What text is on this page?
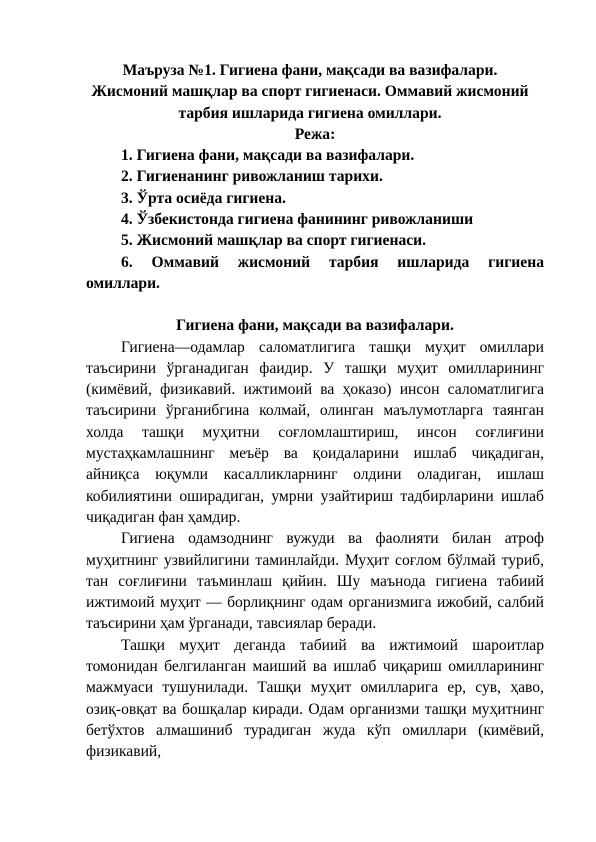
Маъруза №1. Гигиена фани, мақсади ва вазифалари. Жисмоний машқлар ва спорт гигиенаси. Оммавий жисмоний тарбия ишларида гигиена омиллари.

Режа:

1. Гигиена фани, мақсади ва вазифалари.
2. Гигиенанинг ривожланиш тарихи.
3. Ўрта осиёда гигиена.
4. Ўзбекистонда гигиена фанининг ривожланиши
5. Жисмоний машқлар ва спорт гигиенаси.
6. Оммавий жисмоний тарбия ишларида гигиена омиллари.

Гигиена фани, мақсади ва вазифалари.

Гигиена—одамлар саломатлигига ташқи муҳит омиллари таъсирини ўрганадиган фаидир. У ташқи муҳит омилларининг (кимёвий, физикавий. ижтимоий ва ҳоказо) инсон саломатлигига таъсирини ўрганибгина колмай, олинган маълумотларга таянган холда ташқи муҳитни соғломлаштириш, инсон соғлиғини мустаҳкамлашнинг меъёр ва қоидаларини ишлаб чиқадиган, айниқса юқумли касалликларнинг олдини оладиган, ишлаш кобилиятини оширадиган, умрни узайтириш тадбирларини ишлаб чиқадиган фан ҳамдир.

Гигиена одамзоднинг вужуди ва фаолияти билан атроф муҳитнинг узвийлигини таминлайди. Муҳит соғлом бўлмай туриб, тан соғлиғини таъминлаш қийин. Шу маънода гигиена табиий ижтимоий муҳит — борлиқнинг одам организмига ижобий, салбий таъсирини ҳам ўрганади, тавсиялар беради.

Ташқи муҳит деганда табиий ва ижтимоий шароитлар томонидан белгиланган маиший ва ишлаб чиқариш омилларининг мажмуаси тушунилади. Ташқи муҳит омилларига ер, сув, ҳаво, озиқ-овқат ва бошқалар киради. Одам организми ташқи муҳитнинг бетўхтов алмашиниб турадиган жуда кўп омиллари (кимёвий, физикавий,
